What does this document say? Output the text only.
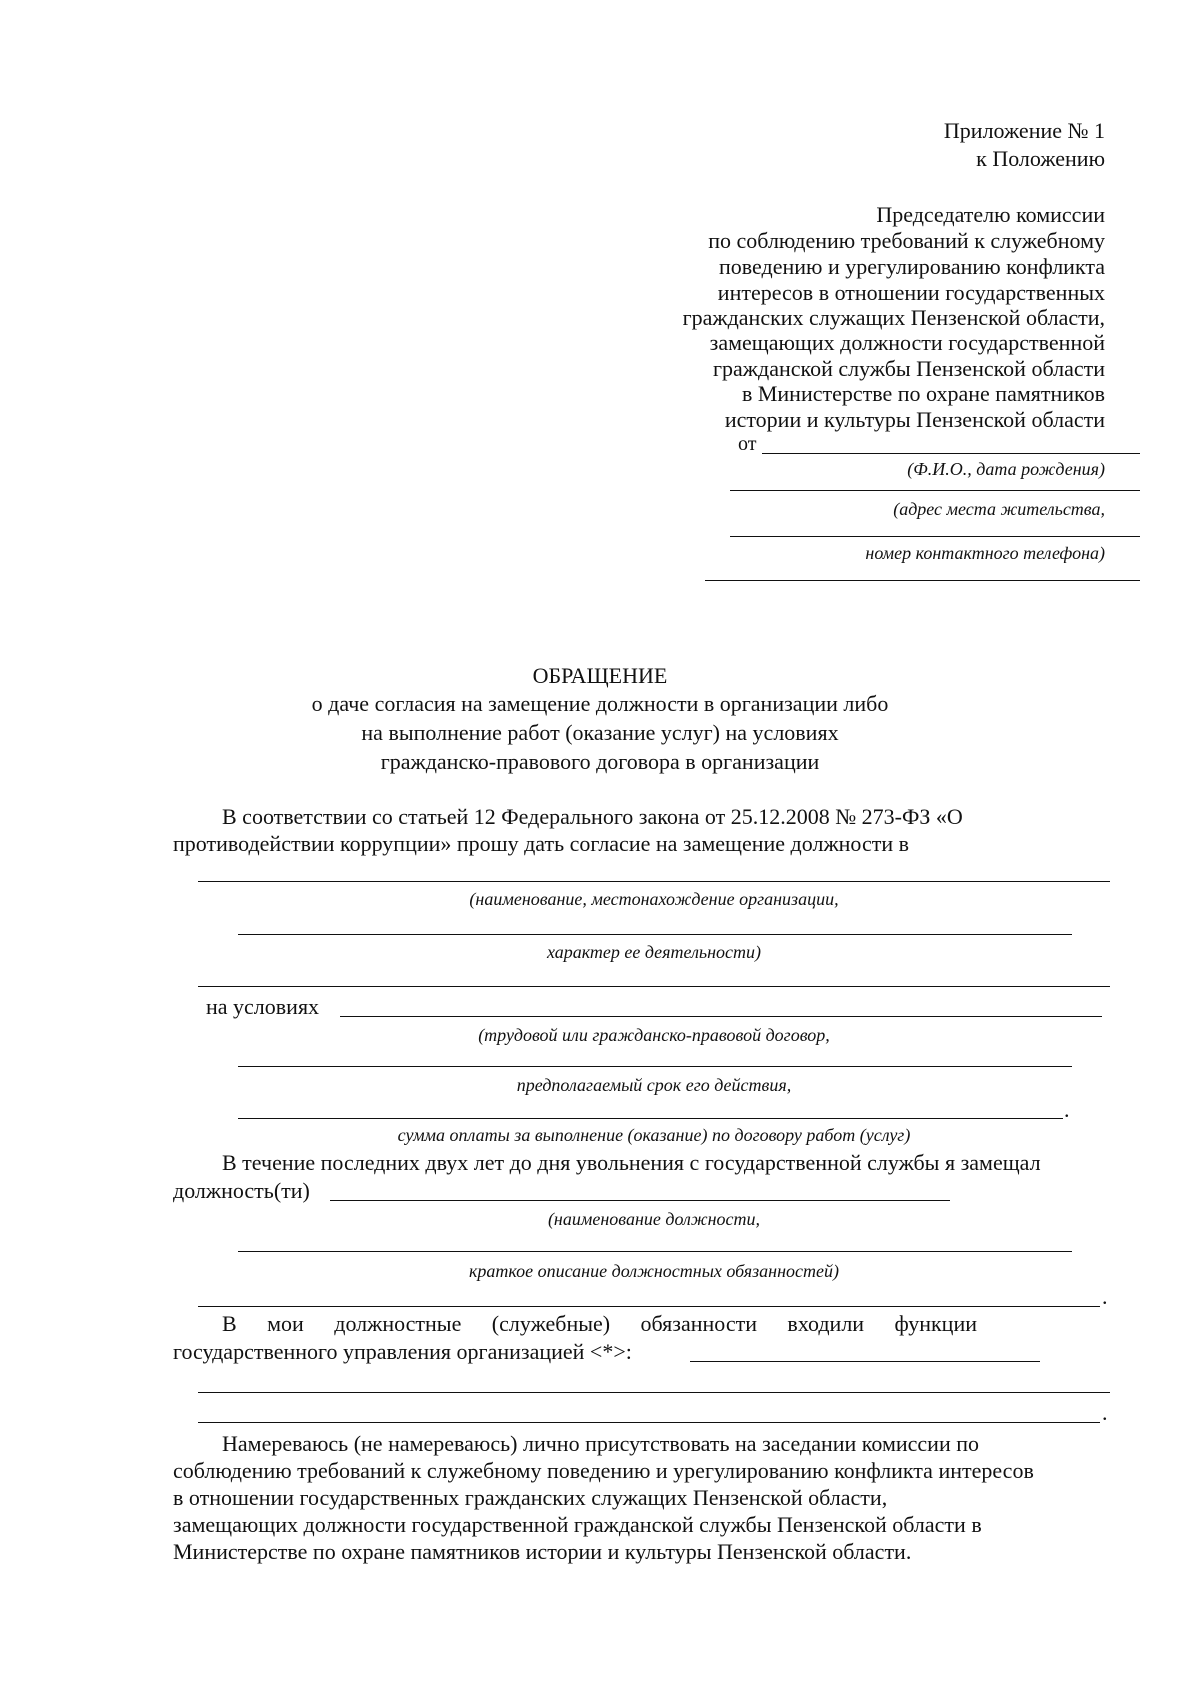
Приложение № 1
к Положению
Председателю комиссии
по соблюдению требований к служебному
поведению и урегулированию конфликта
интересов в отношении государственных
гражданских служащих Пензенской области,
замещающих должности государственной
гражданской службы Пензенской области
в Министерстве по охране памятников
истории и культуры Пензенской области
от
(Ф.И.О., дата рождения)
(адрес места жительства,
номер контактного телефона)
ОБРАЩЕНИЕ
о даче согласия на замещение должности в организации либо
на выполнение работ (оказание услуг) на условиях
гражданско-правового договора в организации
В соответствии со статьей 12 Федерального закона от 25.12.2008 № 273-ФЗ «О
противодействии коррупции» прошу дать согласие на замещение должности в
(наименование, местонахождение организации,
характер ее деятельности)
на условиях
(трудовой или гражданско-правовой договор,
предполагаемый срок его действия,
.
сумма оплаты за выполнение (оказание) по договору работ (услуг)
В течение последних двух лет до дня увольнения с государственной службы я замещал
должность(ти)
(наименование должности,
краткое описание должностных обязанностей)
.
В мои должностные (служебные) обязанности входили функции
государственного управления организацией <*>:
.
Намереваюсь (не намереваюсь) лично присутствовать на заседании комиссии по
соблюдению требований к служебному поведению и урегулированию конфликта интересов
в отношении государственных гражданских служащих Пензенской области,
замещающих должности государственной гражданской службы Пензенской области в
Министерстве по охране памятников истории и культуры Пензенской области.
